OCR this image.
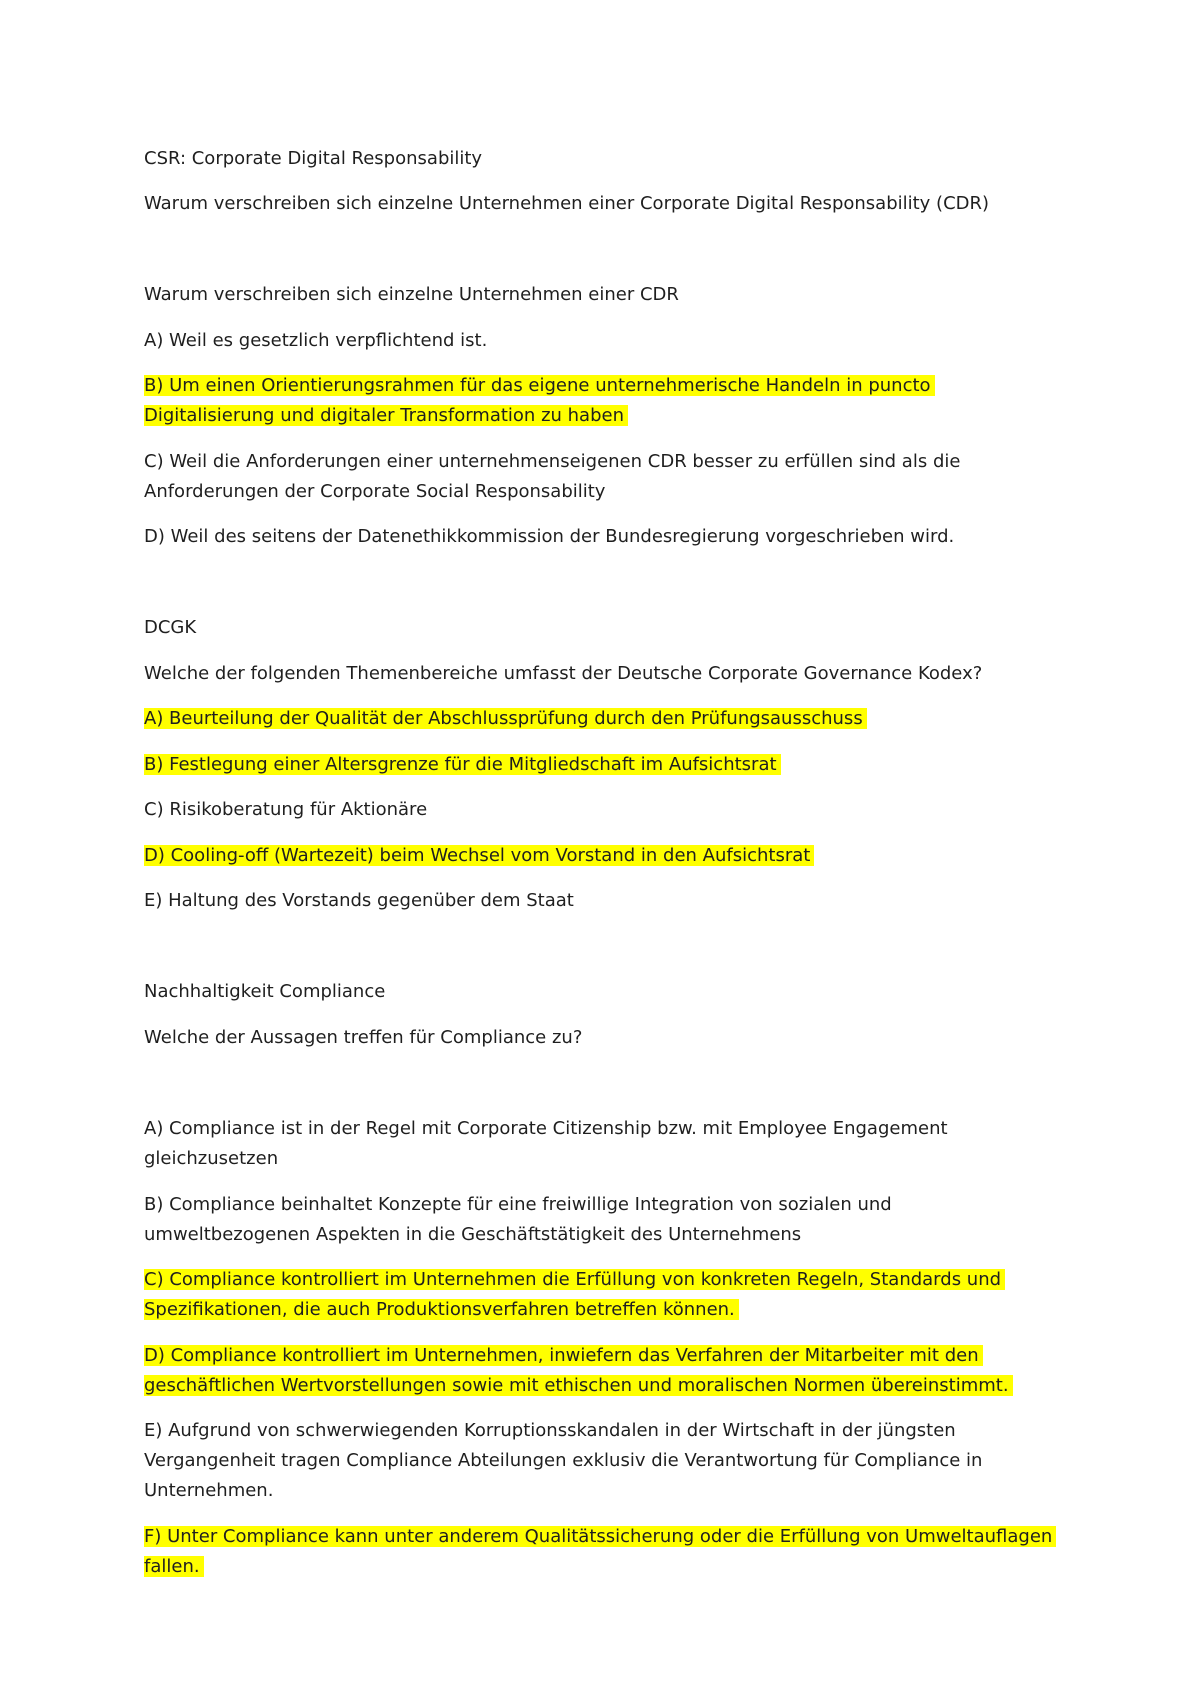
CSR: Corporate Digital Responsability
Warum verschreiben sich einzelne Unternehmen einer Corporate Digital Responsability (CDR)
Warum verschreiben sich einzelne Unternehmen einer CDR
A) Weil es gesetzlich verpflichtend ist.
B) Um einen Orientierungsrahmen für das eigene unternehmerische Handeln in puncto
Digitalisierung und digitaler Transformation zu haben
C) Weil die Anforderungen einer unternehmenseigenen CDR besser zu erfüllen sind als die
Anforderungen der Corporate Social Responsability
D) Weil des seitens der Datenethikkommission der Bundesregierung vorgeschrieben wird.
DCGK
Welche der folgenden Themenbereiche umfasst der Deutsche Corporate Governance Kodex?
A) Beurteilung der Qualität der Abschlussprüfung durch den Prüfungsausschuss
B) Festlegung einer Altersgrenze für die Mitgliedschaft im Aufsichtsrat
C) Risikoberatung für Aktionäre
D) Cooling-off (Wartezeit) beim Wechsel vom Vorstand in den Aufsichtsrat
E) Haltung des Vorstands gegenüber dem Staat
Nachhaltigkeit Compliance
Welche der Aussagen treffen für Compliance zu?
A) Compliance ist in der Regel mit Corporate Citizenship bzw. mit Employee Engagement
gleichzusetzen
B) Compliance beinhaltet Konzepte für eine freiwillige Integration von sozialen und
umweltbezogenen Aspekten in die Geschäftstätigkeit des Unternehmens
C) Compliance kontrolliert im Unternehmen die Erfüllung von konkreten Regeln, Standards und
Spezifikationen, die auch Produktionsverfahren betreffen können.
D) Compliance kontrolliert im Unternehmen, inwiefern das Verfahren der Mitarbeiter mit den
geschäftlichen Wertvorstellungen sowie mit ethischen und moralischen Normen übereinstimmt.
E) Aufgrund von schwerwiegenden Korruptionsskandalen in der Wirtschaft in der jüngsten
Vergangenheit tragen Compliance Abteilungen exklusiv die Verantwortung für Compliance in
Unternehmen.
F) Unter Compliance kann unter anderem Qualitätssicherung oder die Erfüllung von Umweltauflagen
fallen.
